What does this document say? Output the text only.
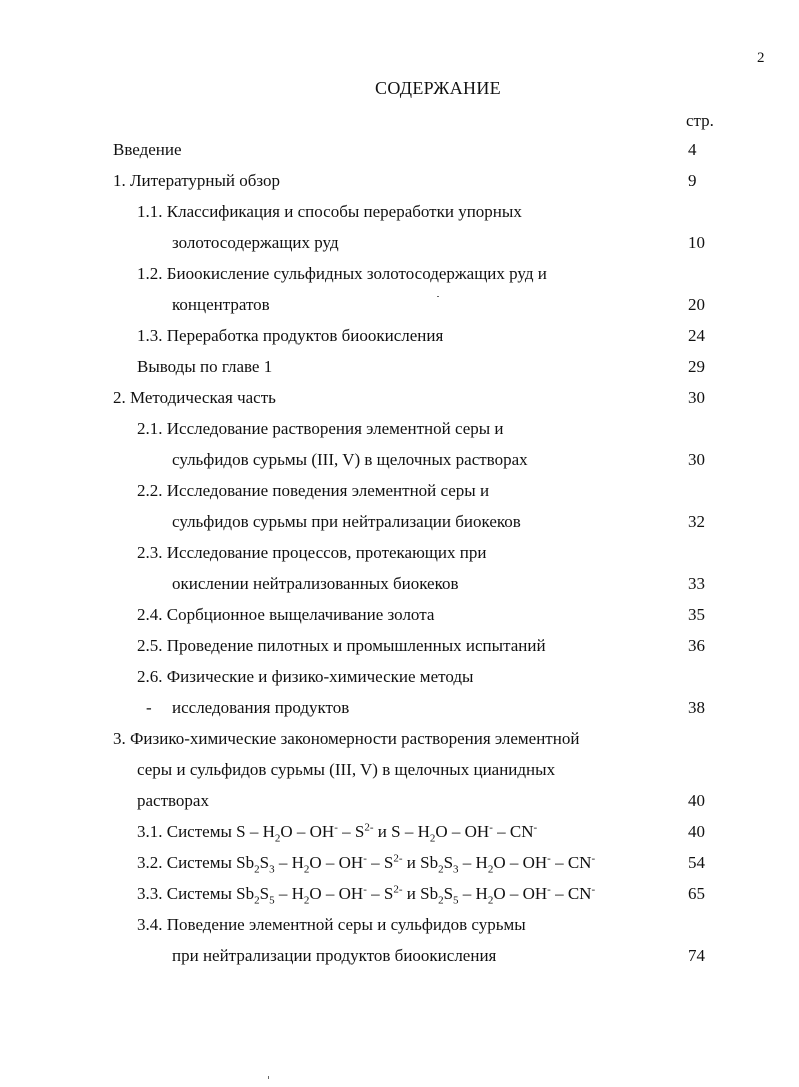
2
СОДЕРЖАНИЕ
стр.
Введение	4
1. Литературный обзор	9
1.1. Классификация и способы переработки упорных
золотосодержащих руд	10
1.2. Биоокисление сульфидных золотосодержащих руд и
концентратов	20
1.3. Переработка продуктов биоокисления	24
Выводы по главе 1	29
2. Методическая часть	30
2.1. Исследование растворения элементной серы и
сульфидов сурьмы (III, V) в щелочных растворах	30
2.2. Исследование поведения элементной серы и
сульфидов сурьмы при нейтрализации биокеков	32
2.3. Исследование процессов, протекающих при
окислении нейтрализованных биокеков	33
2.4. Сорбционное выщелачивание золота	35
2.5. Проведение пилотных и промышленных испытаний	36
2.6. Физические и физико-химические методы
- исследования продуктов	38
3. Физико-химические закономерности растворения элементной
серы и сульфидов сурьмы (III, V) в щелочных цианидных
растворах	40
3.1. Системы S – $H_2O - OH^- - S^{2-}$ и S – $H_2O - OH^- - CN^-$	40
3.2. Системы $Sb_2S_3 - H_2O - OH^- - S^{2-}$ и $Sb_2S_3 - H_2O - OH^- - CN^-$	54
3.3. Системы $Sb_2S_5 - H_2O - OH^- - S^{2-}$ и $Sb_2S_5 - H_2O - OH^- - CN^-$	65
3.4. Поведение элементной серы и сульфидов сурьмы
при нейтрализации продуктов биоокисления	74
